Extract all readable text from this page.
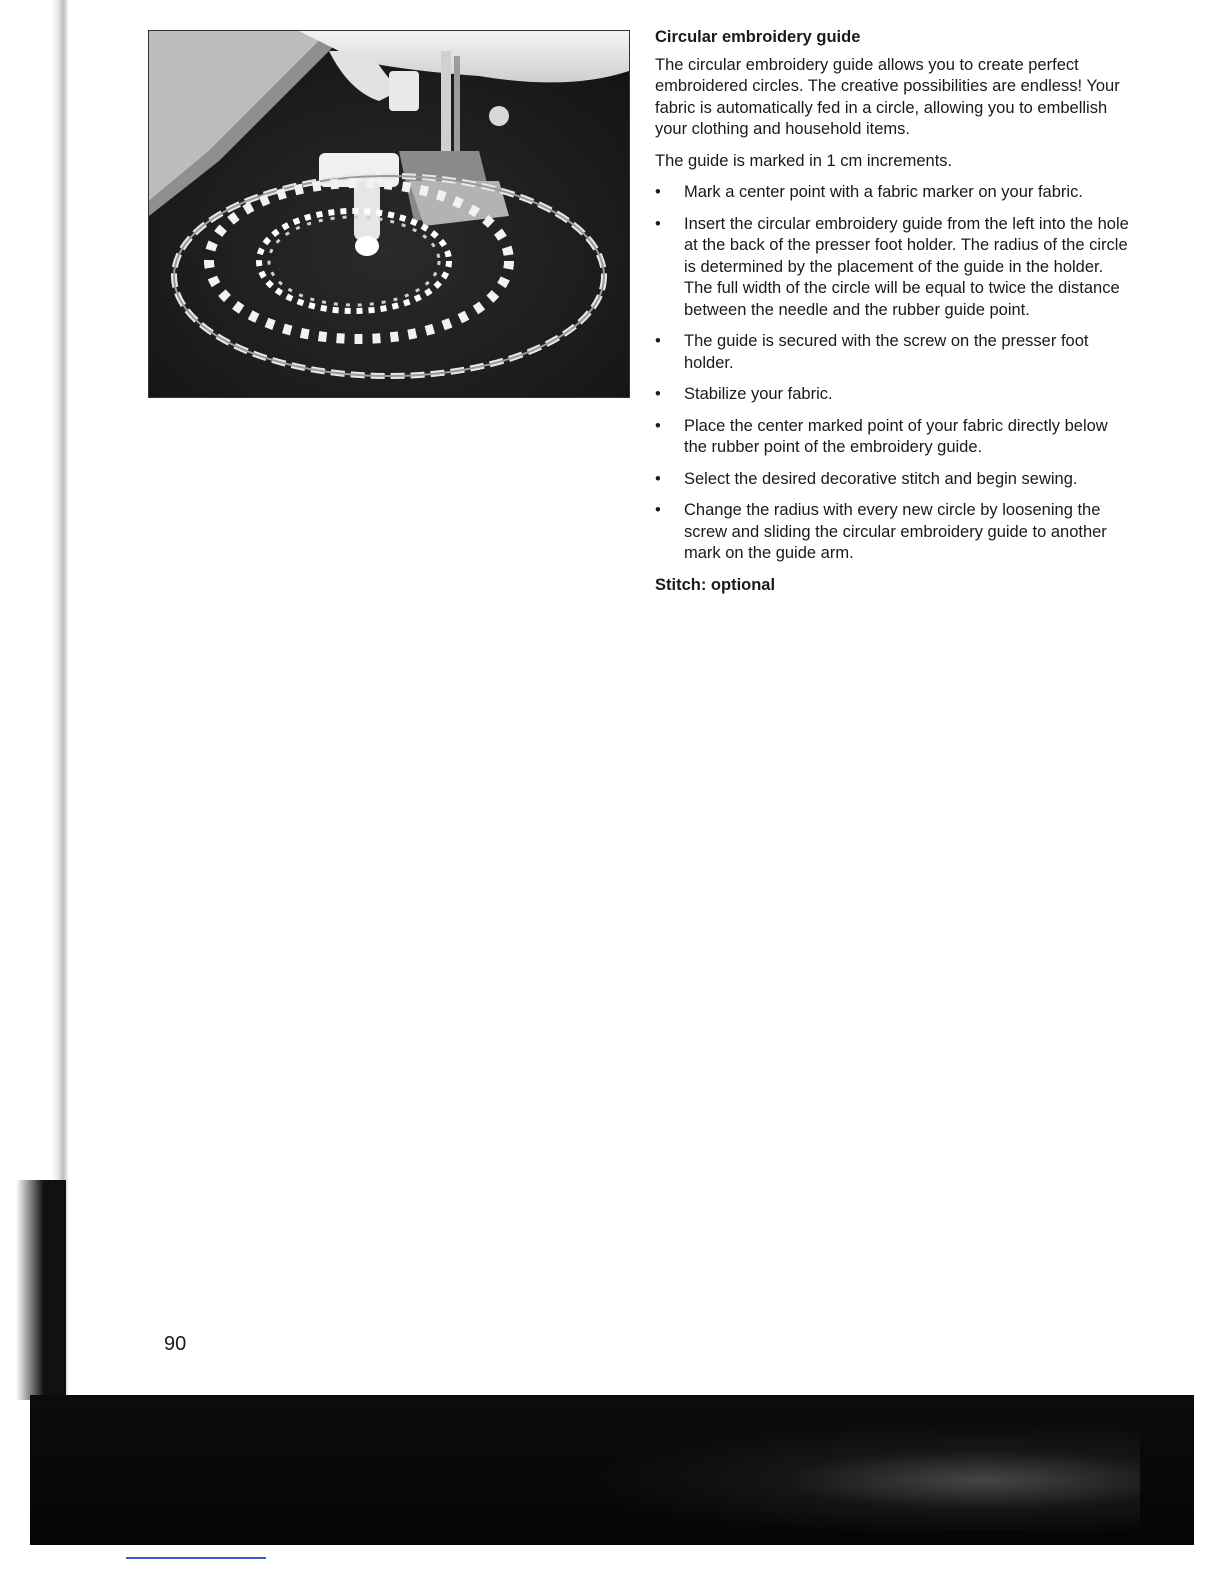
Circular embroidery guide

The circular embroidery guide allows you to create perfect embroidered circles. The creative possibilities are endless! Your fabric is automatically fed in a circle, allowing you to embellish your clothing and household items.

The guide is marked in 1 cm increments.

• Mark a center point with a fabric marker on your fabric.
• Insert the circular embroidery guide from the left into the hole at the back of the presser foot holder. The radius of the circle is determined by the placement of the guide in the holder. The full width of the circle will be equal to twice the distance between the needle and the rubber guide point.
• The guide is secured with the screw on the presser foot holder.
• Stabilize your fabric.
• Place the center marked point of your fabric directly below the rubber point of the embroidery guide.
• Select the desired decorative stitch and begin sewing.
• Change the radius with every new circle by loosening the screw and sliding the circular embroidery guide to another mark on the guide arm.
Stitch: optional
90
